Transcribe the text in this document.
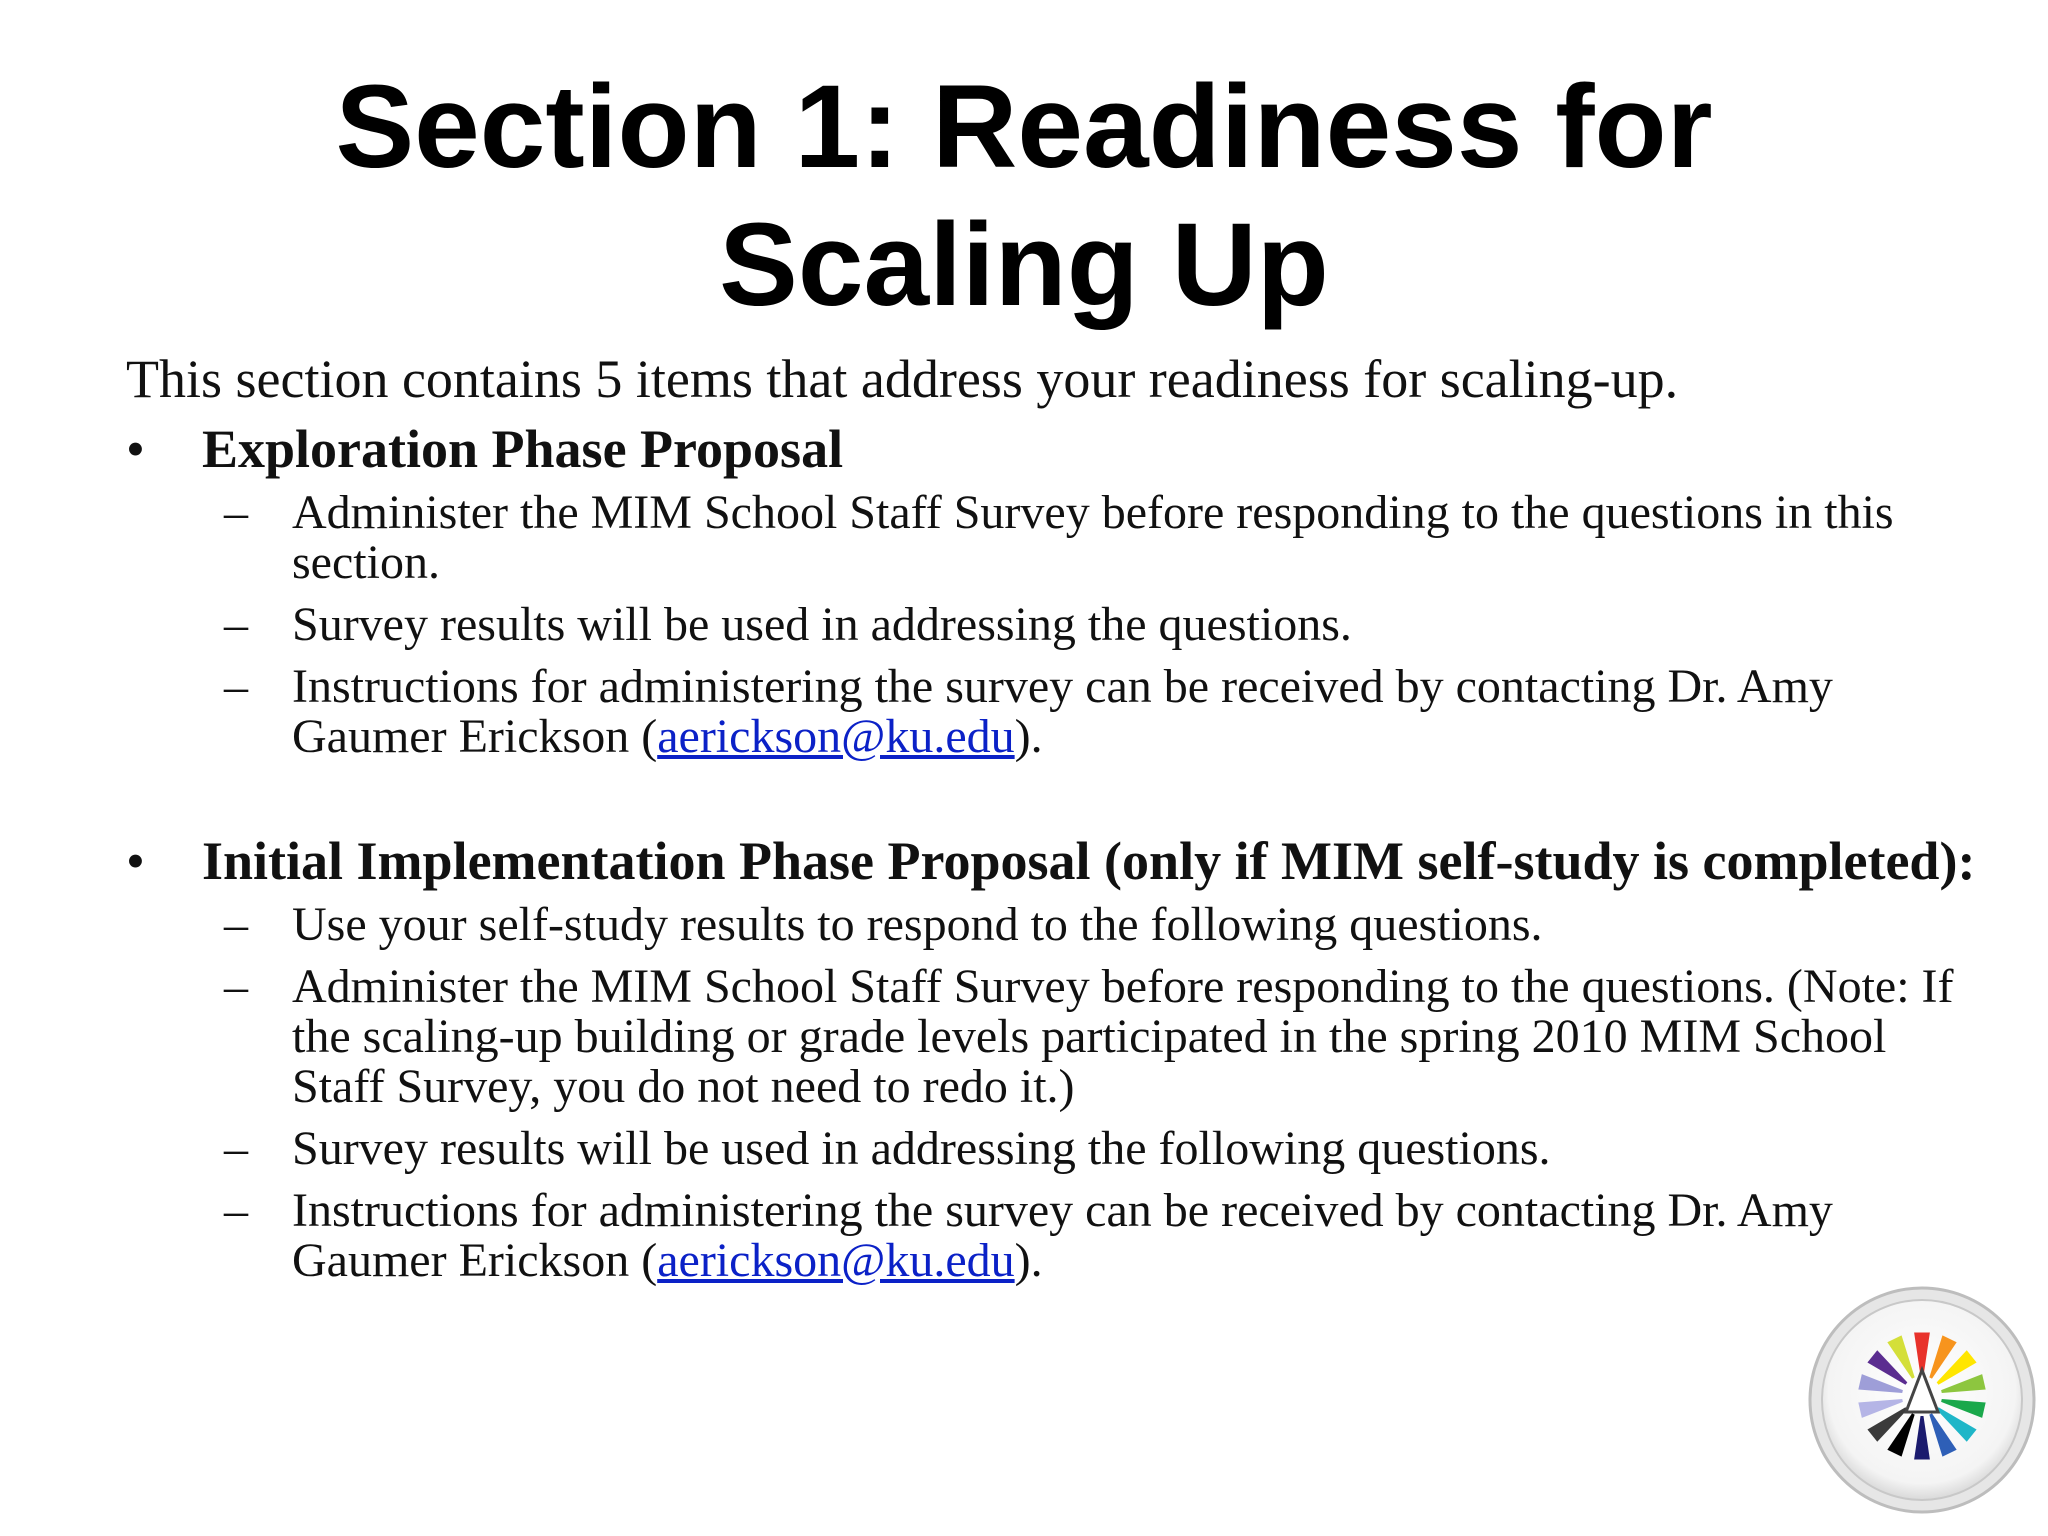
Section 1: Readiness for
Scaling Up

This section contains 5 items that address your readiness for scaling-up.

• Exploration Phase Proposal

– Administer the MIM School Staff Survey before responding to the questions in this section.
– Survey results will be used in addressing the questions.
– Instructions for administering the survey can be received by contacting Dr. Amy Gaumer Erickson (aerickson@ku.edu).

• Initial Implementation Phase Proposal (only if MIM self-study is completed):

– Use your self-study results to respond to the following questions.
– Administer the MIM School Staff Survey before responding to the questions. (Note: If the scaling-up building or grade levels participated in the spring 2010 MIM School Staff Survey, you do not need to redo it.)
– Survey results will be used in addressing the following questions.
– Instructions for administering the survey can be received by contacting Dr. Amy Gaumer Erickson (aerickson@ku.edu).
